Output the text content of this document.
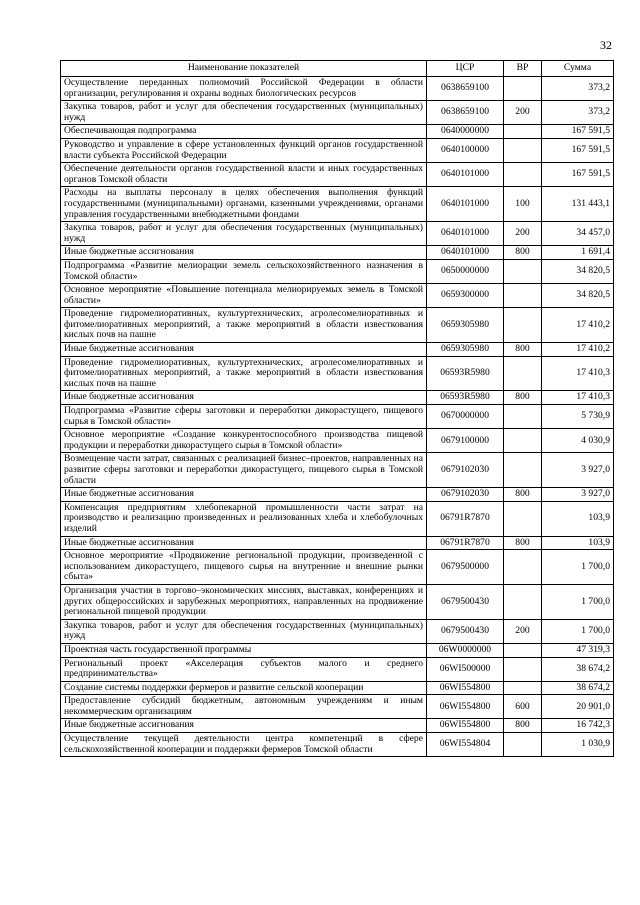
32
Наименование показателей	ЦСР	ВР	Сумма
Осуществление переданных полномочий Российской Федерации в области организации, регулирования и охраны водных биологических ресурсов	0638659100		373,2
Закупка товаров, работ и услуг для обеспечения государственных (муниципальных) нужд	0638659100	200	373,2
Обеспечивающая подпрограмма	0640000000		167 591,5
Руководство и управление в сфере установленных функций органов государственной власти субъекта Российской Федерации	0640100000		167 591,5
Обеспечение деятельности органов государственной власти и иных государственных органов Томской области	0640101000		167 591,5
Расходы на выплаты персоналу в целях обеспечения выполнения функций государственными (муниципальными) органами, казенными учреждениями, органами управления государственными внебюджетными фондами	0640101000	100	131 443,1
Закупка товаров, работ и услуг для обеспечения государственных (муниципальных) нужд	0640101000	200	34 457,0
Иные бюджетные ассигнования	0640101000	800	1 691,4
Подпрограмма «Развитие мелиорации земель сельскохозяйственного назначения в Томской области»	0650000000		34 820,5
Основное мероприятие «Повышение потенциала мелиорируемых земель в Томской области»	0659300000		34 820,5
Проведение гидромелиоративных, культуртехнических, агролесомелиоративных и фитомелиоративных мероприятий, а также мероприятий в области известкования кислых почв на пашне	0659305980		17 410,2
Иные бюджетные ассигнования	0659305980	800	17 410,2
Проведение гидромелиоративных, культуртехнических, агролесомелиоративных и фитомелиоративных мероприятий, а также мероприятий в области известкования кислых почв на пашне	06593R5980		17 410,3
Иные бюджетные ассигнования	06593R5980	800	17 410,3
Подпрограмма «Развитие сферы заготовки и переработки дикорастущего, пищевого сырья в Томской области»	0670000000		5 730,9
Основное мероприятие «Создание конкурентоспособного производства пищевой продукции и переработки дикорастущего сырья в Томской области»	0679100000		4 030,9
Возмещение части затрат, связанных с реализацией бизнес–проектов, направленных на развитие сферы заготовки и переработки дикорастущего, пищевого сырья в Томской области	0679102030		3 927,0
Иные бюджетные ассигнования	0679102030	800	3 927,0
Компенсация предприятиям хлебопекарной промышленности части затрат на производство и реализацию произведенных и реализованных хлеба и хлебобулочных изделий	06791R7870		103,9
Иные бюджетные ассигнования	06791R7870	800	103,9
Основное мероприятие «Продвижение региональной продукции, произведенной с использованием дикорастущего, пищевого сырья на внутренние и внешние рынки сбыта»	0679500000		1 700,0
Организация участия в торгово–экономических миссиях, выставках, конференциях и других общероссийских и зарубежных мероприятиях, направленных на продвижение региональной пищевой продукции	0679500430		1 700,0
Закупка товаров, работ и услуг для обеспечения государственных (муниципальных) нужд	0679500430	200	1 700,0
Проектная часть государственной программы	06W0000000		47 319,3
Региональный проект «Акселерация субъектов малого и среднего предпринимательства»	06WI500000		38 674,2
Создание системы поддержки фермеров и развитие сельской кооперации	06WI554800		38 674,2
Предоставление субсидий бюджетным, автономным учреждениям и иным некоммерческим организациям	06WI554800	600	20 901,0
Иные бюджетные ассигнования	06WI554800	800	16 742,3
Осуществление текущей деятельности центра компетенций в сфере сельскохозяйственной кооперации и поддержки фермеров Томской области	06WI554804		1 030,9
